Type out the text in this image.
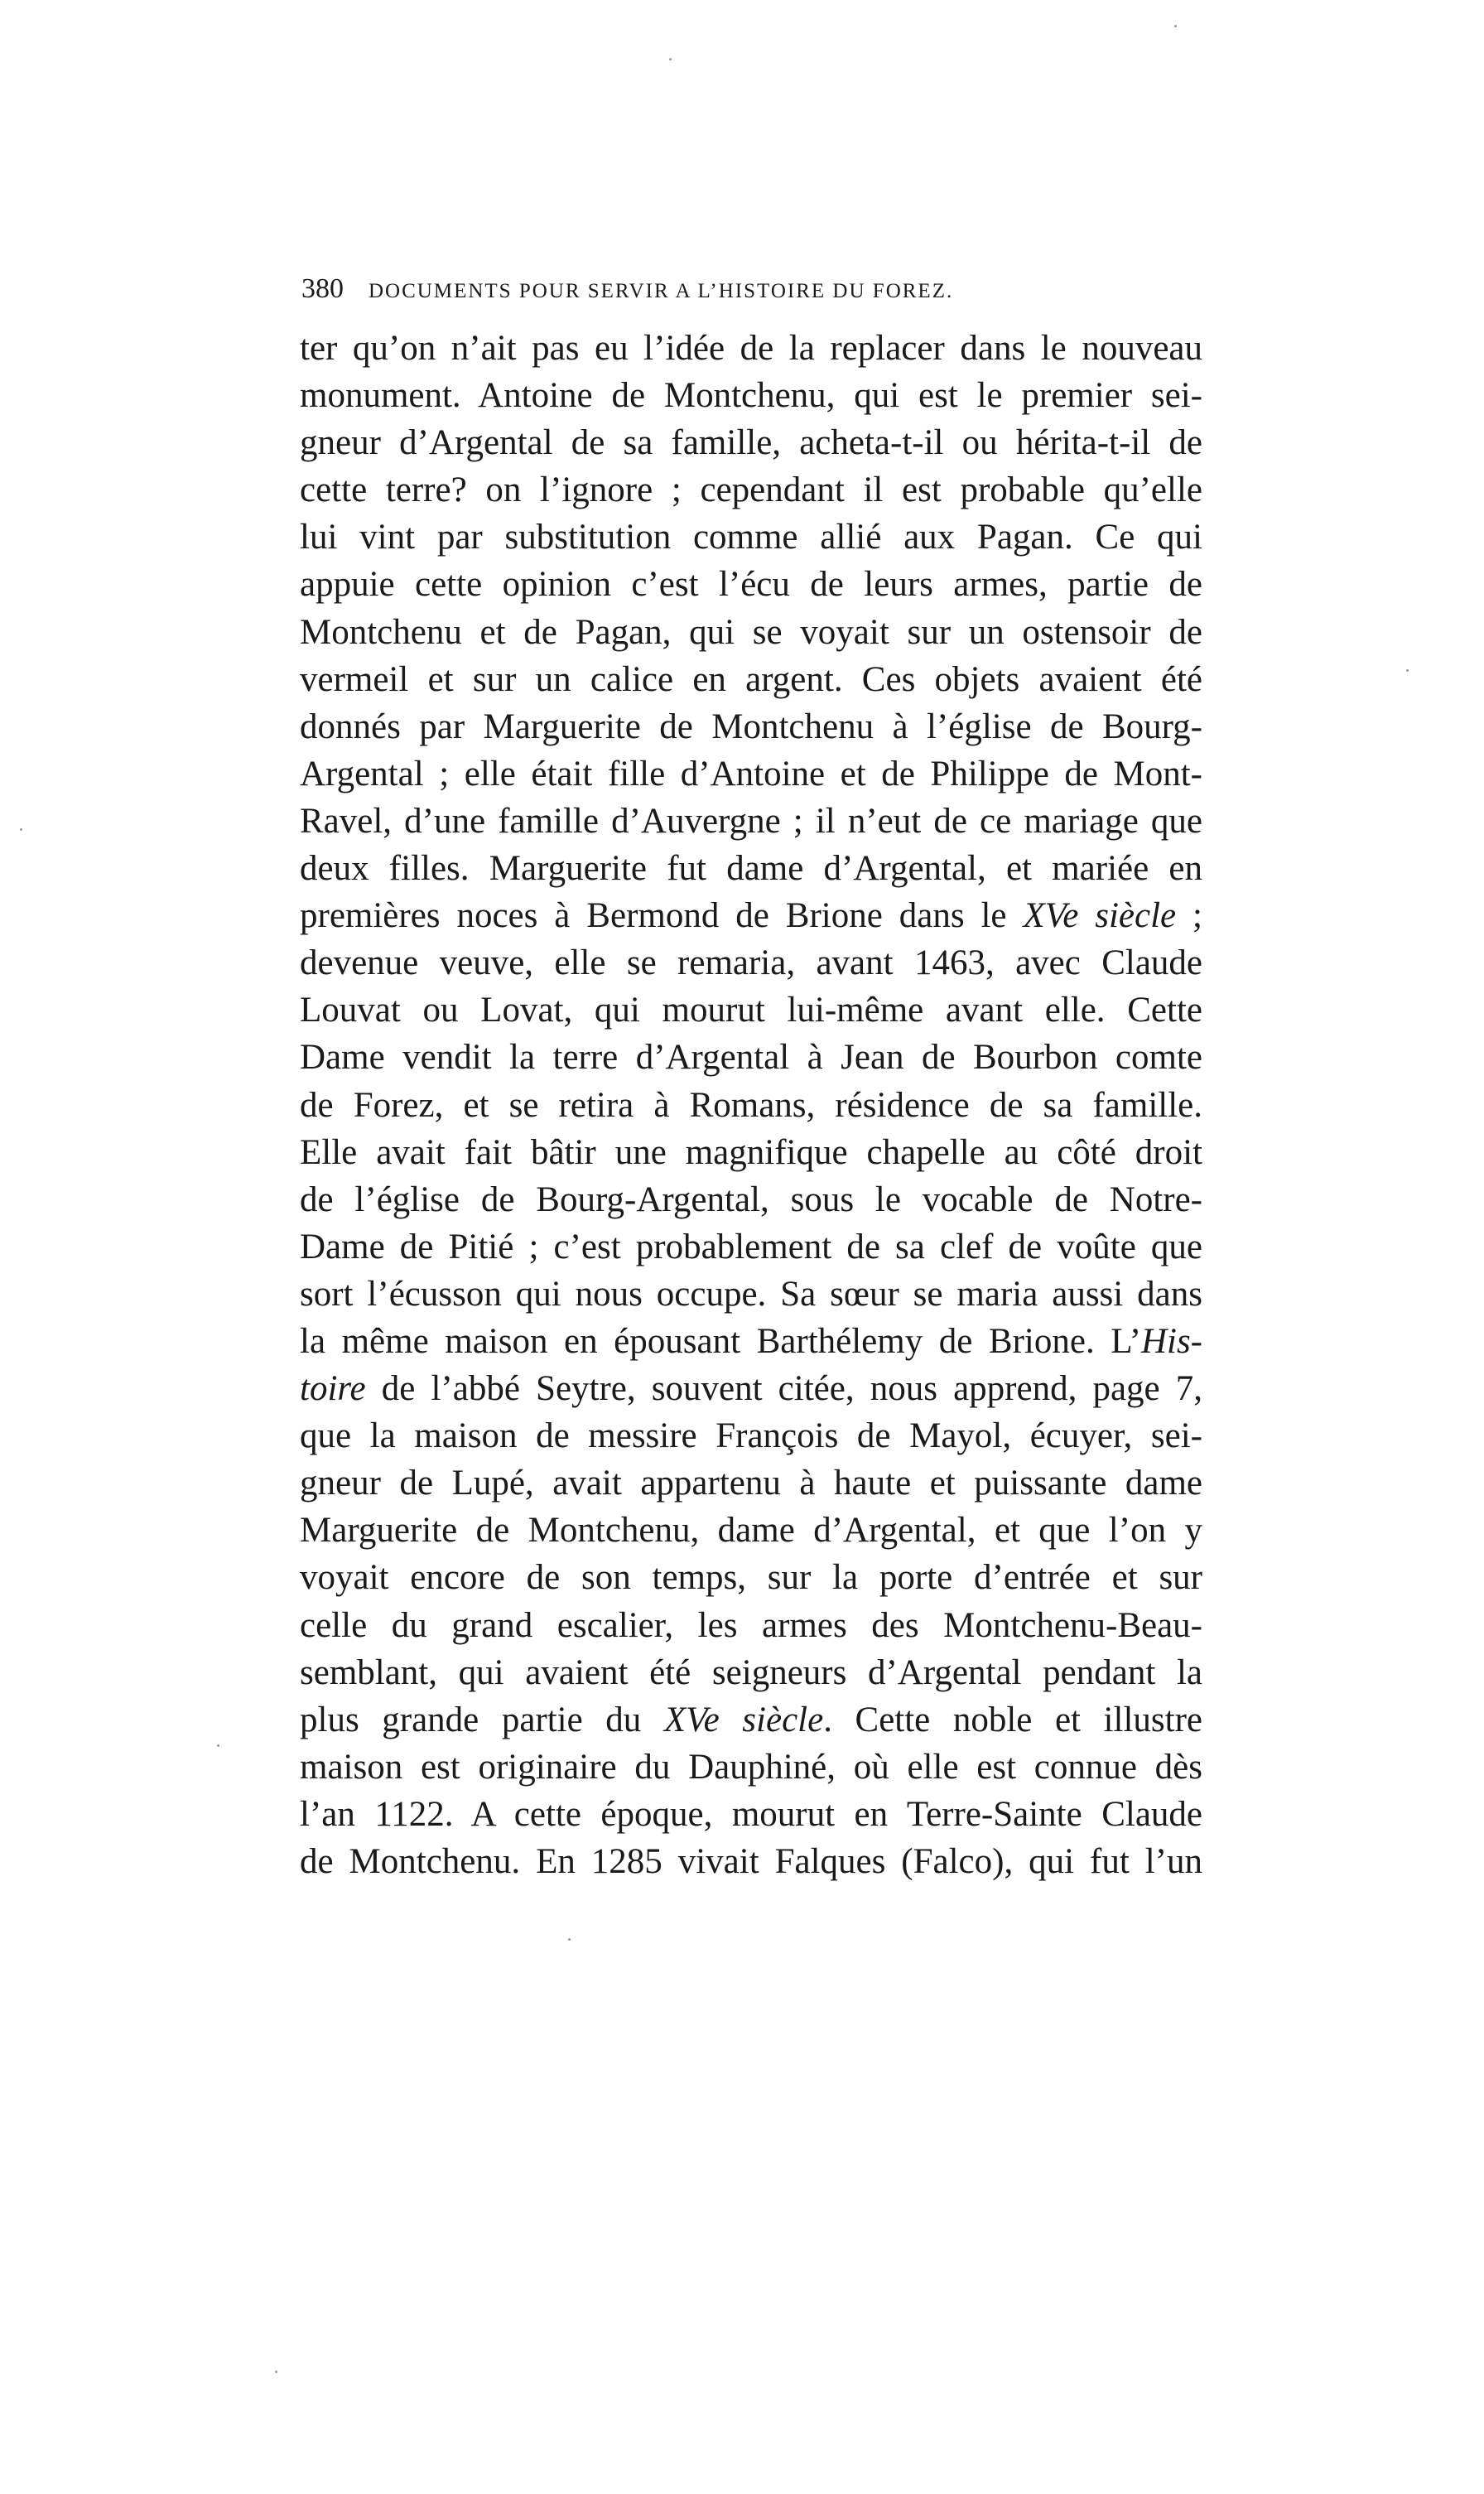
380 DOCUMENTS POUR SERVIR A L’HISTOIRE DU FOREZ.
ter qu’on n’ait pas eu l’idée de la replacer dans le nouveau
monument. Antoine de Montchenu, qui est le premier sei-
gneur d’Argental de sa famille, acheta-t-il ou hérita-t-il de
cette terre? on l’ignore ; cependant il est probable qu’elle
lui vint par substitution comme allié aux Pagan. Ce qui
appuie cette opinion c’est l’écu de leurs armes, partie de
Montchenu et de Pagan, qui se voyait sur un ostensoir de
vermeil et sur un calice en argent. Ces objets avaient été
donnés par Marguerite de Montchenu à l’église de Bourg-
Argental ; elle était fille d’Antoine et de Philippe de Mont-
Ravel, d’une famille d’Auvergne ; il n’eut de ce mariage que
deux filles. Marguerite fut dame d’Argental, et mariée en
premières noces à Bermond de Brione dans le XVe siècle ;
devenue veuve, elle se remaria, avant 1463, avec Claude
Louvat ou Lovat, qui mourut lui-même avant elle. Cette
Dame vendit la terre d’Argental à Jean de Bourbon comte
de Forez, et se retira à Romans, résidence de sa famille.
Elle avait fait bâtir une magnifique chapelle au côté droit
de l’église de Bourg-Argental, sous le vocable de Notre-
Dame de Pitié ; c’est probablement de sa clef de voûte que
sort l’écusson qui nous occupe. Sa sœur se maria aussi dans
la même maison en épousant Barthélemy de Brione. L’His-
toire de l’abbé Seytre, souvent citée, nous apprend, page 7,
que la maison de messire François de Mayol, écuyer, sei-
gneur de Lupé, avait appartenu à haute et puissante dame
Marguerite de Montchenu, dame d’Argental, et que l’on y
voyait encore de son temps, sur la porte d’entrée et sur
celle du grand escalier, les armes des Montchenu-Beau-
semblant, qui avaient été seigneurs d’Argental pendant la
plus grande partie du XVe siècle. Cette noble et illustre
maison est originaire du Dauphiné, où elle est connue dès
l’an 1122. A cette époque, mourut en Terre-Sainte Claude
de Montchenu. En 1285 vivait Falques (Falco), qui fut l’un
